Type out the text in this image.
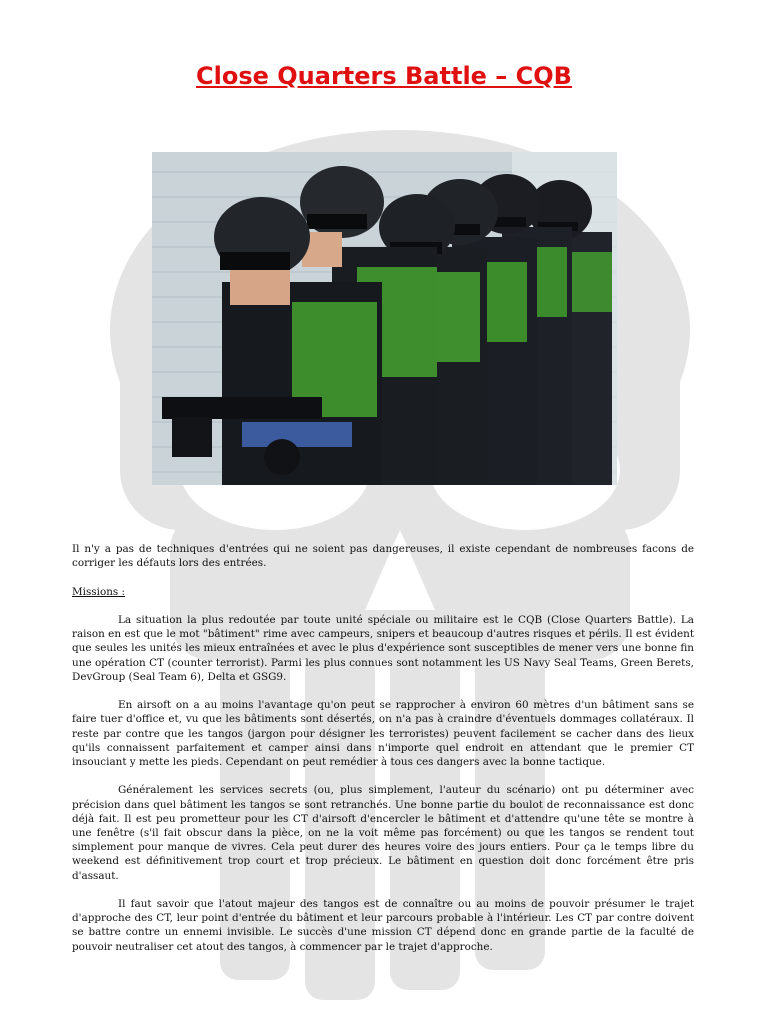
Close Quarters Battle – CQB

Il n'y a pas de techniques d'entrées qui ne soient pas dangereuses, il existe cependant de nombreuses facons de corriger les défauts lors des entrées.

Missions :

La situation la plus redoutée par toute unité spéciale ou militaire est le CQB (Close Quarters Battle). La raison en est que le mot "bâtiment" rime avec campeurs, snipers et beaucoup d'autres risques et périls. Il est évident que seules les unités les mieux entraînées et avec le plus d'expérience sont susceptibles de mener vers une bonne fin une opération CT (counter terrorist). Parmi les plus connues sont notamment les US Navy Seal Teams, Green Berets, DevGroup (Seal Team 6), Delta et GSG9.

En airsoft on a au moins l'avantage qu'on peut se rapprocher à environ 60 mètres d'un bâtiment sans se faire tuer d'office et, vu que les bâtiments sont désertés, on n'a pas à craindre d'éventuels dommages collatéraux. Il reste par contre que les tangos (jargon pour désigner les terroristes) peuvent facilement se cacher dans des lieux qu'ils connaissent parfaitement et camper ainsi dans n'importe quel endroit en attendant que le premier CT insouciant y mette les pieds. Cependant on peut remédier à tous ces dangers avec la bonne tactique.

Généralement les services secrets (ou, plus simplement, l'auteur du scénario) ont pu déterminer avec précision dans quel bâtiment les tangos se sont retranchés. Une bonne partie du boulot de reconnaissance est donc déjà fait. Il est peu prometteur pour les CT d'airsoft d'encercler le bâtiment et d'attendre qu'une tête se montre à une fenêtre (s'il fait obscur dans la pièce, on ne la voit même pas forcément) ou que les tangos se rendent tout simplement pour manque de vivres. Cela peut durer des heures voire des jours entiers. Pour ça le temps libre du weekend est définitivement trop court et trop précieux. Le bâtiment en question doit donc forcément être pris d'assaut.

Il faut savoir que l'atout majeur des tangos est de connaître ou au moins de pouvoir présumer le trajet d'approche des CT, leur point d'entrée du bâtiment et leur parcours probable à l'intérieur. Les CT par contre doivent se battre contre un ennemi invisible. Le succès d'une mission CT dépend donc en grande partie de la faculté de pouvoir neutraliser cet atout des tangos, à commencer par le trajet d'approche.
